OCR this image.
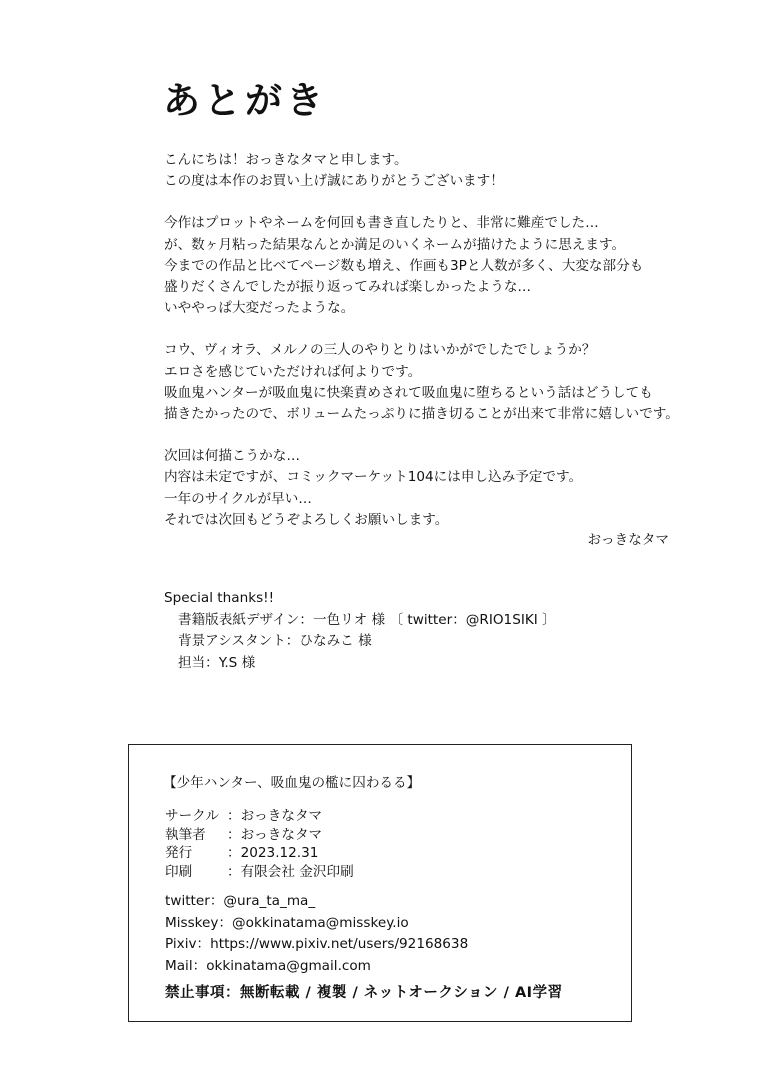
あとがき

こんにちは！おっきなタマと申します。

この度は本作のお買い上げ誠にありがとうございます！

今作はプロットやネームを何回も書き直したりと、非常に難産でした…

が、数ヶ月粘った結果なんとか満足のいくネームが描けたように思えます。

今までの作品と比べてページ数も増え、作画も3Pと人数が多く、大変な部分も

盛りだくさんでしたが振り返ってみれば楽しかったような…

いややっぱ大変だったような。

コウ、ヴィオラ、メルノの三人のやりとりはいかがでしたでしょうか？

エロさを感じていただければ何よりです。

吸血鬼ハンターが吸血鬼に快楽責めされて吸血鬼に堕ちるという話はどうしても

描きたかったので、ボリュームたっぷりに描き切ることが出来て非常に嬉しいです。

次回は何描こうかな…

内容は未定ですが、コミックマーケット104には申し込み予定です。

一年のサイクルが早い…

それでは次回もどうぞよろしくお願いします。

おっきなタマ

Special thanks!!

書籍版表紙デザイン：一色リオ 様 〔 twitter：@RIO1SIKI 〕

背景アシスタント：ひなみこ 様

担当：Y.S 様

【少年ハンター、吸血鬼の檻に囚わるる】

サークル ：おっきなタマ
執筆者	：おっきなタマ
発行	：2023.12.31
印刷	：有限会社 金沢印刷

twitter：@ura_ta_ma_

Misskey：@okkinatama@misskey.io

Pixiv：https://www.pixiv.net/users/92168638

Mail：okkinatama@gmail.com

禁止事項：無断転載 / 複製 / ネットオークション / AI学習
